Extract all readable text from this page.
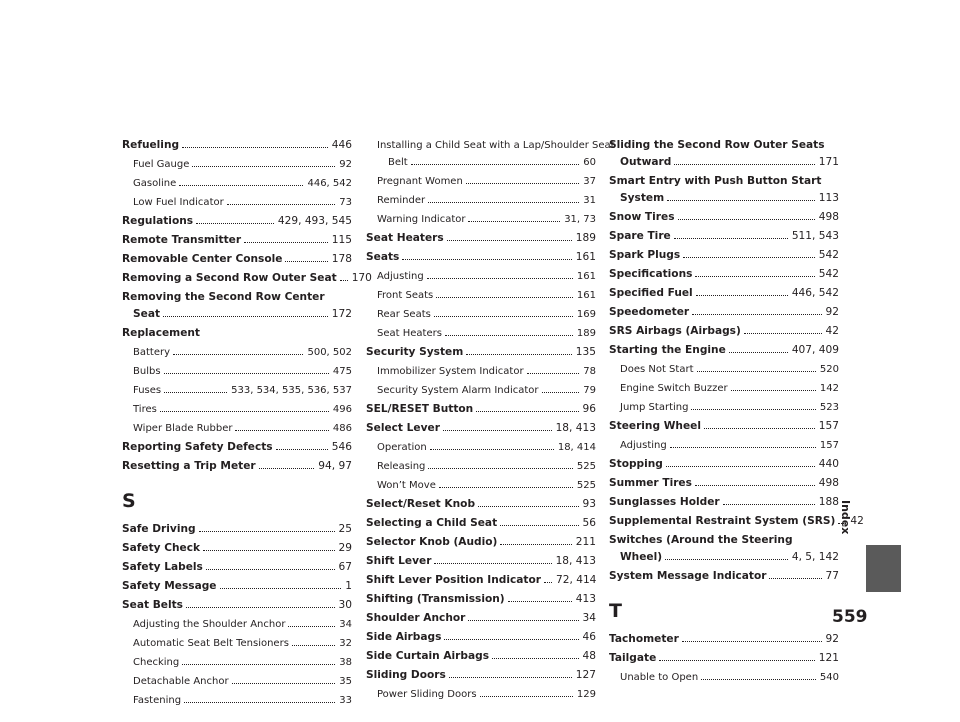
Refueling	446
Fuel Gauge	92
Gasoline	446, 542
Low Fuel Indicator	73
Regulations	429, 493, 545
Remote Transmitter	115
Removable Center Console	178
Removing a Second Row Outer Seat 170
Removing the Second Row Center
Seat	172
Replacement
Battery	500, 502
Bulbs	475
Fuses	533, 534, 535, 536, 537
Tires	496
Wiper Blade Rubber	486
Reporting Safety Defects	546
Resetting a Trip Meter	94, 97
S
Safe Driving	25
Safety Check	29
Safety Labels	67
Safety Message	1
Seat Belts	30
Adjusting the Shoulder Anchor	34
Automatic Seat Belt Tensioners	32
Checking	38
Detachable Anchor	35
Fastening	33
Installing a Child Seat with a Lap/Shoulder Seat
Belt	60
Pregnant Women	37
Reminder	31
Warning Indicator	31, 73
Seat Heaters	189
Seats	161
Adjusting	161
Front Seats	161
Rear Seats	169
Seat Heaters	189
Security System	135
Immobilizer System Indicator	78
Security System Alarm Indicator	79
SEL/RESET Button	96
Select Lever	18, 413
Operation	18, 414
Releasing	525
Won’t Move	525
Select/Reset Knob	93
Selecting a Child Seat	56
Selector Knob (Audio)	211
Shift Lever	18, 413
Shift Lever Position Indicator 72, 414
Shifting (Transmission)	413
Shoulder Anchor	34
Side Airbags	46
Side Curtain Airbags	48
Sliding Doors	127
Power Sliding Doors	129
Sliding the Second Row Outer Seats
Outward	171
Smart Entry with Push Button Start
System	113
Snow Tires	498
Spare Tire	511, 543
Spark Plugs	542
Specifications	542
Specified Fuel	446, 542
Speedometer	92
SRS Airbags (Airbags)	42
Starting the Engine	407, 409
Does Not Start	520
Engine Switch Buzzer	142
Jump Starting	523
Steering Wheel	157
Adjusting	157
Stopping	440
Summer Tires	498
Sunglasses Holder	188
Supplemental Restraint System (SRS) 42
Switches (Around the Steering
Wheel)	4, 5, 142
System Message Indicator	77
T
Tachometer	92
Tailgate	121
Unable to Open	540
Index
559
